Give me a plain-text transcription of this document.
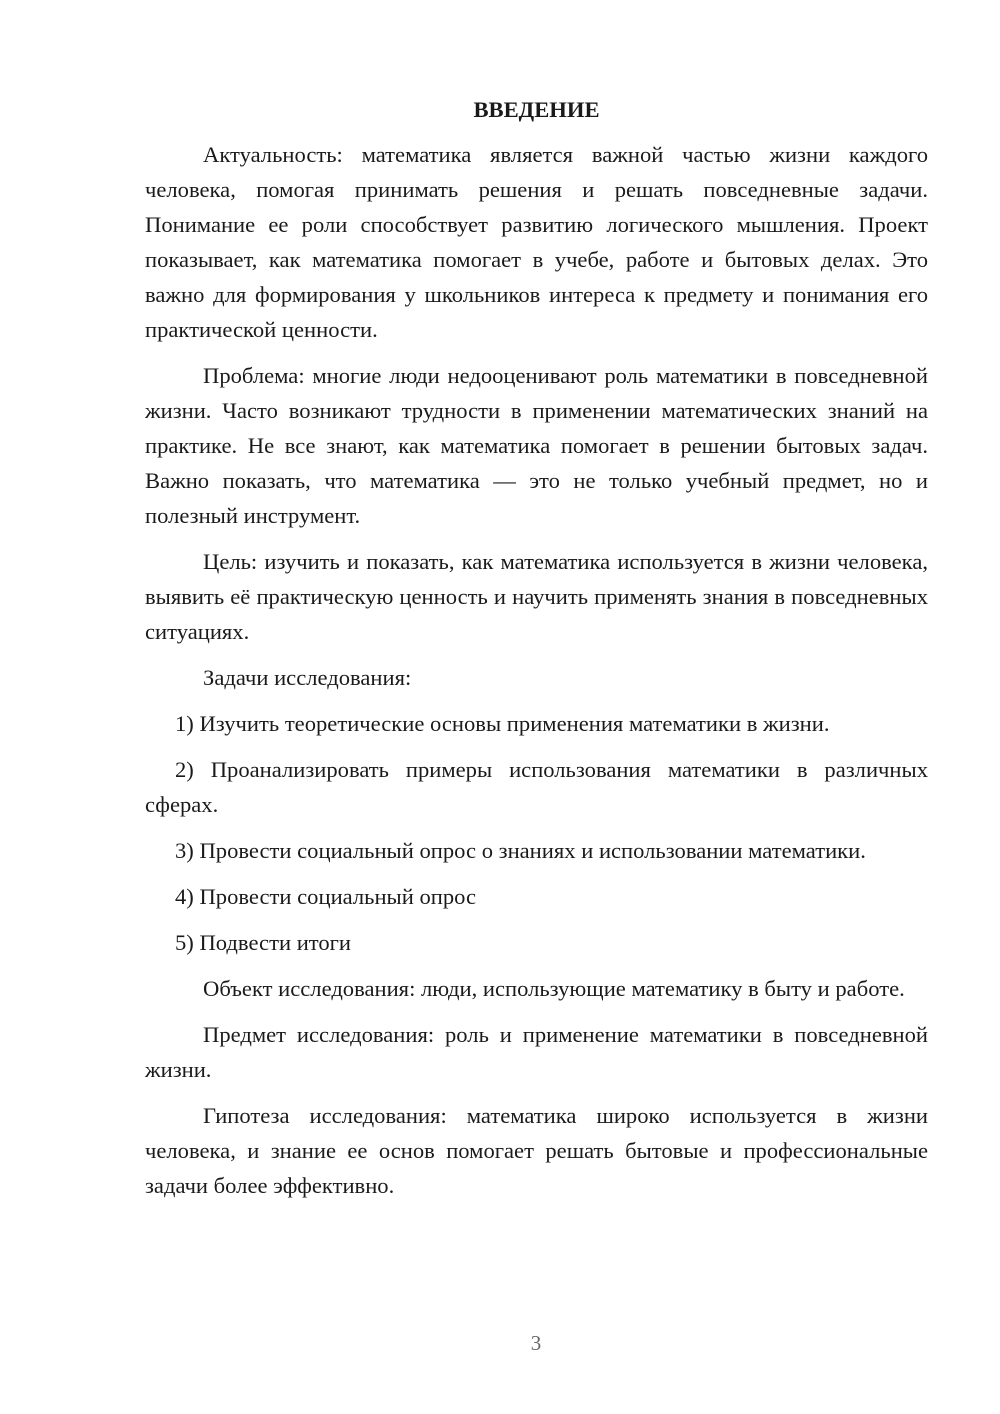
ВВЕДЕНИЕ

Актуальность: математика является важной частью жизни каждого человека, помогая принимать решения и решать повседневные задачи. Понимание ее роли способствует развитию логического мышления. Проект показывает, как математика помогает в учебе, работе и бытовых делах. Это важно для формирования у школьников интереса к предмету и понимания его практической ценности.

Проблема: многие люди недооценивают роль математики в повседневной жизни. Часто возникают трудности в применении математических знаний на практике. Не все знают, как математика помогает в решении бытовых задач. Важно показать, что математика — это не только учебный предмет, но и полезный инструмент.

Цель: изучить и показать, как математика используется в жизни человека, выявить её практическую ценность и научить применять знания в повседневных ситуациях.

Задачи исследования:

1) Изучить теоретические основы применения математики в жизни.

2) Проанализировать примеры использования математики в различных сферах.

3) Провести социальный опрос о знаниях и использовании математики.

4) Провести социальный опрос

5) Подвести итоги

Объект исследования: люди, использующие математику в быту и работе.

Предмет исследования: роль и применение математики в повседневной жизни.

Гипотеза исследования: математика широко используется в жизни человека, и знание ее основ помогает решать бытовые и профессиональные задачи более эффективно.

3
